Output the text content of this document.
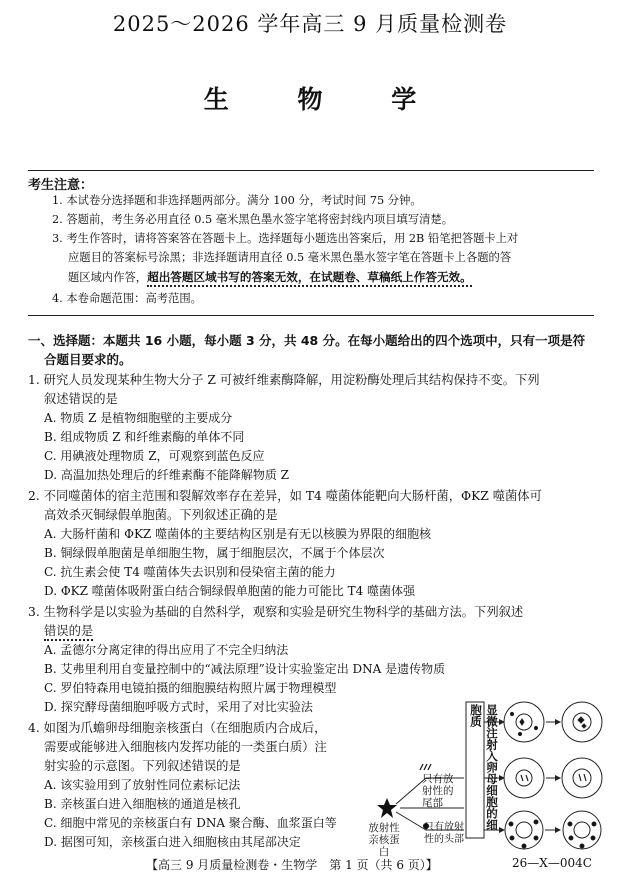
2025～2026 学年高三 9 月质量检测卷
生 物 学
考生注意：
1. 本试卷分选择题和非选择题两部分。满分 100 分，考试时间 75 分钟。
2. 答题前，考生务必用直径 0.5 毫米黑色墨水签字笔将密封线内项目填写清楚。
3. 考生作答时，请将答案答在答题卡上。选择题每小题选出答案后，用 2B 铅笔把答题卡上对
应题目的答案标号涂黑；非选择题请用直径 0.5 毫米黑色墨水签字笔在答题卡上各题的答
题区域内作答，超出答题区域书写的答案无效，在试题卷、草稿纸上作答无效。
4. 本卷命题范围：高考范围。
一、选择题：本题共 16 小题，每小题 3 分，共 48 分。在每小题给出的四个选项中，只有一项是符
合题目要求的。
1. 研究人员发现某种生物大分子 Z 可被纤维素酶降解，用淀粉酶处理后其结构保持不变。下列
叙述错误的是
A. 物质 Z 是植物细胞壁的主要成分
B. 组成物质 Z 和纤维素酶的单体不同
C. 用碘液处理物质 Z，可观察到蓝色反应
D. 高温加热处理后的纤维素酶不能降解物质 Z
2. 不同噬菌体的宿主范围和裂解效率存在差异，如 T4 噬菌体能靶向大肠杆菌，ΦKZ 噬菌体可
高效杀灭铜绿假单胞菌。下列叙述正确的是
A. 大肠杆菌和 ΦKZ 噬菌体的主要结构区别是有无以核膜为界限的细胞核
B. 铜绿假单胞菌是单细胞生物，属于细胞层次，不属于个体层次
C. 抗生素会使 T4 噬菌体失去识别和侵染宿主菌的能力
D. ΦKZ 噬菌体吸附蛋白结合铜绿假单胞菌的能力可能比 T4 噬菌体强
3. 生物科学是以实验为基础的自然科学，观察和实验是研究生物科学的基础方法。下列叙述
错误的是
A. 孟德尔分离定律的得出应用了不完全归纳法
B. 艾弗里利用自变量控制中的“减法原理”设计实验鉴定出 DNA 是遗传物质
C. 罗伯特森用电镜拍摄的细胞膜结构照片属于物理模型
D. 探究酵母菌细胞呼吸方式时，采用了对比实验法
4. 如图为爪蟾卵母细胞亲核蛋白（在细胞质内合成后，
需要或能够进入细胞核内发挥功能的一类蛋白质）注
射实验的示意图。下列叙述错误的是
A. 该实验用到了放射性同位素标记法
B. 亲核蛋白进入细胞核的通道是核孔
C. 细胞中常见的亲核蛋白有 DNA 聚合酶、血浆蛋白等
D. 据图可知，亲核蛋白进入细胞核由其尾部决定
显微注射入卵母细胞的细胞质
只有放射性的尾部
只有放射性的头部
放射性亲核蛋白
【高三 9 月质量检测卷・生物学　第 1 页（共 6 页）】	26—X—004C
